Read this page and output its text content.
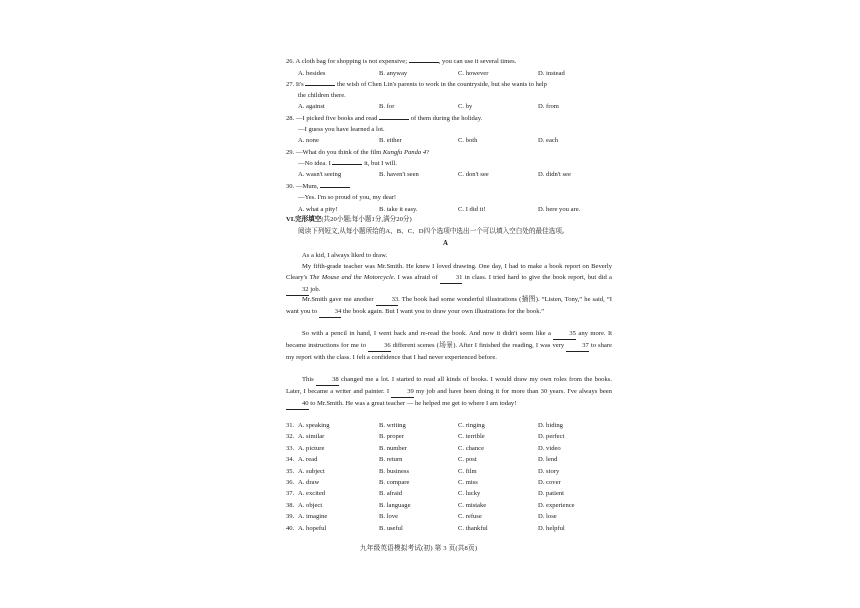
26. A cloth bag for shopping is not expensive;	, you can use it several times.
A. besides	B. anyway	C. however	D. instead
27. It's	the wish of Chen Lin's parents to work in the countryside, but she wants to help
the children there.
A. against	B. for	C. by	D. from
28. —I picked five books and read	of them during the holiday.
—I guess you have learned a lot.
A. none	B. either	C. both	D. each
29. —What do you think of the film Kungfu Panda 4?
—No idea. I	it, but I will.
A. wasn't seeing	B. haven't seen	C. don't see	D. didn't see
30. —Mum,
—Yes. I'm so proud of you, my dear!
A. what a pity!	B. take it easy.	C. I did it!	D. here you are.
VI.完形填空(共20小题;每小题1分,满分20分)
阅读下列短文,从每小题所给的A、B、C、D四个选项中选出一个可以填入空白处的最佳选项。
A
As a kid, I always liked to draw.
My fifth-grade teacher was Mr.Smith. He knew I loved drawing. One day, I had to make a book report on Beverly Cleary's The Mouse and the Motorcycle. I was afraid of 31 in class. I tried hard to give the book report, but did a 32 job.
Mr.Smith gave me another 33. The book had some wonderful illustrations (插图). “Listen, Tony,” he said, “I want you to 34 the book again. But I want you to draw your own illustrations for the book.”
So with a pencil in hand, I went back and re-read the book. And now it didn't seem like a 35 any more. It became instructions for me to 36 different scenes (场景). After I finished the reading, I was very 37 to share my report with the class. I felt a confidence that I had never experienced before.
This 38 changed me a lot. I started to read all kinds of books. I would draw my own roles from the books. Later, I became a writer and painter. I 39 my job and have been doing it for more than 30 years. I've always been 40 to Mr.Smith. He was a great teacher — he helped me get to where I am today!
31. A. speaking	B. writing	C. ringing	D. hiding
32. A. similar	B. proper	C. terrible	D. perfect
33. A. picture	B. number	C. chance	D. video
34. A. read	B. return	C. post	D. lend
35. A. subject	B. business	C. film	D. story
36. A. draw	B. compare	C. miss	D. cover
37. A. excited	B. afraid	C. lucky	D. patient
38. A. object	B. language	C. mistake	D. experience
39. A. imagine	B. love	C. refuse	D. lose
40. A. hopeful	B. useful	C. thankful	D. helpful
九年级英语模拟考试(初) 第 3 页(共8页)
